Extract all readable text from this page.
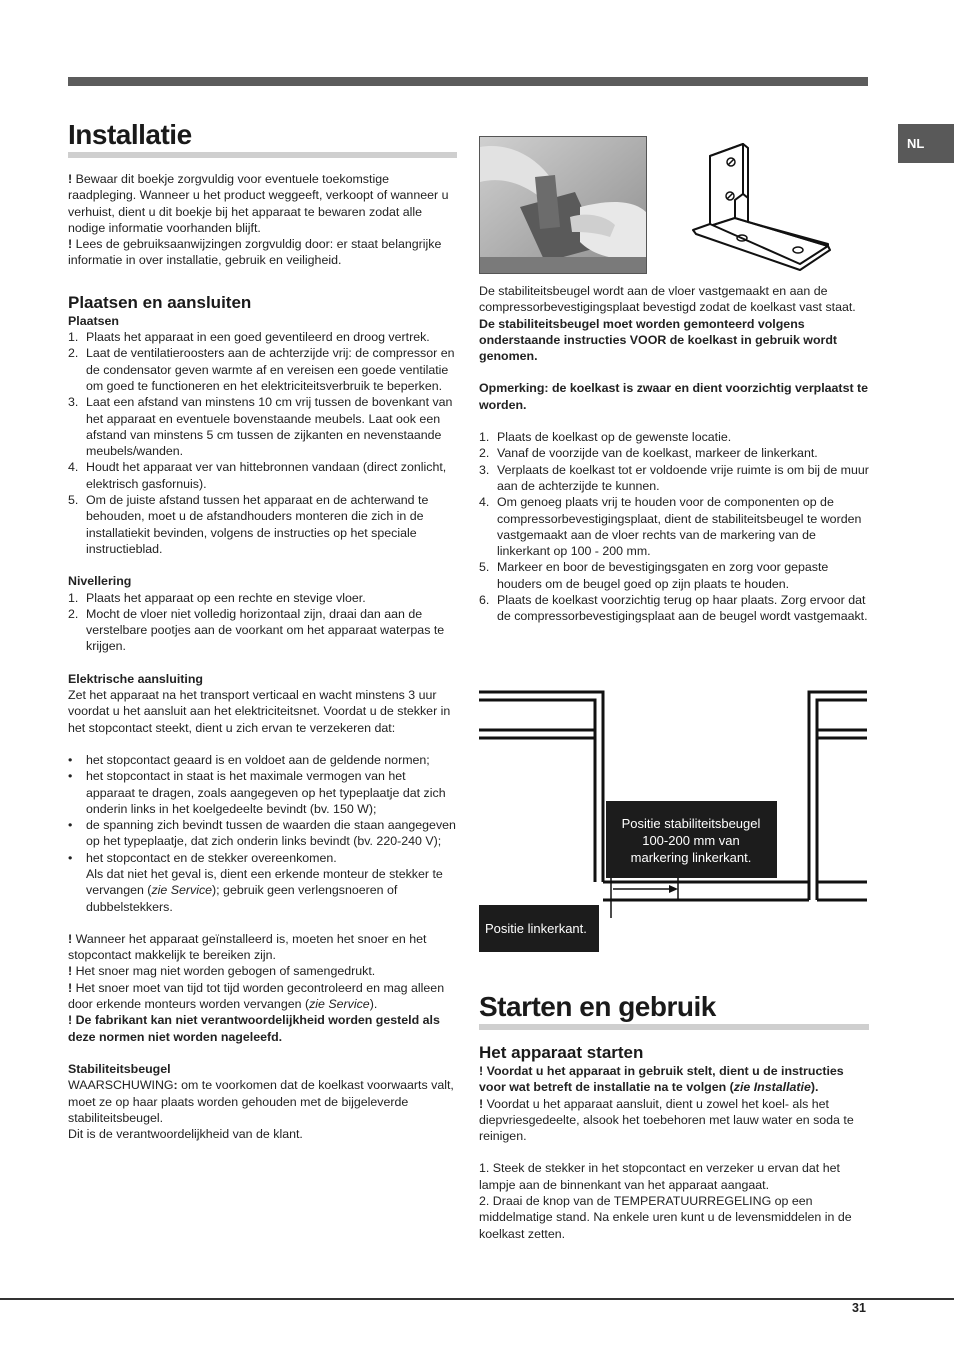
NL
Installatie

! Bewaar dit boekje zorgvuldig voor eventuele toekomstige raadpleging. Wanneer u het product weggeeft, verkoopt of wanneer u verhuist, dient u dit boekje bij het apparaat te bewaren zodat alle nodige informatie voorhanden blijft.

! Lees de gebruiksaanwijzingen zorgvuldig door: er staat belangrijke informatie in over installatie, gebruik en veiligheid.

Plaatsen en aansluiten

Plaatsen

1. Plaats het apparaat in een goed geventileerd en droog vertrek.
2. Laat de ventilatieroosters aan de achterzijde vrij: de compressor en de condensator geven warmte af en vereisen een goede ventilatie om goed te functioneren en het elektriciteitsverbruik te beperken.
3. Laat een afstand van minstens 10 cm vrij tussen de bovenkant van het apparaat en eventuele bovenstaande meubels. Laat ook een afstand van minstens 5 cm tussen de zijkanten en nevenstaande meubels/wanden.
4. Houdt het apparaat ver van hittebronnen vandaan (direct zonlicht, elektrisch gasfornuis).
5. Om de juiste afstand tussen het apparaat en de achterwand te behouden, moet u de afstandhouders monteren die zich in de installatiekit bevinden, volgens de instructies op het speciale instructieblad.

Nivellering

1. Plaats het apparaat op een rechte en stevige vloer.
2. Mocht de vloer niet volledig horizontaal zijn, draai dan aan de verstelbare pootjes aan de voorkant om het apparaat waterpas te krijgen.

Elektrische aansluiting

Zet het apparaat na het transport verticaal en wacht minstens 3 uur voordat u het aansluit aan het elektriciteitsnet. Voordat u de stekker in het stopcontact steekt, dient u zich ervan te verzekeren dat:

• het stopcontact geaard is en voldoet aan de geldende normen;
• het stopcontact in staat is het maximale vermogen van het apparaat te dragen, zoals aangegeven op het typeplaatje dat zich onderin links in het koelgedeelte bevindt (bv. 150 W);
• de spanning zich bevindt tussen de waarden die staan aangegeven op het typeplaatje, dat zich onderin links bevindt (bv. 220-240 V);
• het stopcontact en de stekker overeenkomen.

Als dat niet het geval is, dient een erkende monteur de stekker te vervangen (zie Service); gebruik geen verlengsnoeren of dubbelstekkers.

! Wanneer het apparaat geïnstalleerd is, moeten het snoer en het stopcontact makkelijk te bereiken zijn.

! Het snoer mag niet worden gebogen of samengedrukt.

! Het snoer moet van tijd tot tijd worden gecontroleerd en mag alleen door erkende monteurs worden vervangen (zie Service).

! De fabrikant kan niet verantwoordelijkheid worden gesteld als deze normen niet worden nageleefd.

Stabiliteitsbeugel

WAARSCHUWING: om te voorkomen dat de koelkast voorwaarts valt, moet ze op haar plaats worden gehouden met de bijgeleverde stabiliteitsbeugel.

Dit is de verantwoordelijkheid van de klant.

De stabiliteitsbeugel wordt aan de vloer vastgemaakt en aan de compressorbevestigingsplaat bevestigd zodat de koelkast vast staat.

De stabiliteitsbeugel moet worden gemonteerd volgens onderstaande instructies VOOR de koelkast in gebruik wordt genomen.

Opmerking: de koelkast is zwaar en dient voorzichtig verplaatst te worden.

1. Plaats de koelkast op de gewenste locatie.
2. Vanaf de voorzijde van de koelkast, markeer de linkerkant.
3. Verplaats de koelkast tot er voldoende vrije ruimte is om bij de muur aan de achterzijde te kunnen.
4. Om genoeg plaats vrij te houden voor de componenten op de compressorbevestigingsplaat, dient de stabiliteitsbeugel te worden vastgemaakt aan de vloer rechts van de markering van de linkerkant op 100 - 200 mm.
5. Markeer en boor de bevestigingsgaten en zorg voor gepaste houders om de beugel goed op zijn plaats te houden.
6. Plaats de koelkast voorzichtig terug op haar plaats. Zorg ervoor dat de compressorbevestigingsplaat aan de beugel wordt vastgemaakt.
Positie stabiliteitsbeugel
100-200 mm van
markering linkerkant.
Positie linkerkant.
Starten en gebruik
Het apparaat starten

! Voordat u het apparaat in gebruik stelt, dient u de instructies voor wat betreft de installatie na te volgen (zie Installatie).

! Voordat u het apparaat aansluit, dient u zowel het koel- als het diepvriesgedeelte, alsook het toebehoren met lauw water en soda te reinigen.

1. Steek de stekker in het stopcontact en verzeker u ervan dat het lampje aan de binnenkant van het apparaat aangaat.

2. Draai de knop van de TEMPERATUURREGELING op een middelmatige stand. Na enkele uren kunt u de levensmiddelen in de koelkast zetten.

31
